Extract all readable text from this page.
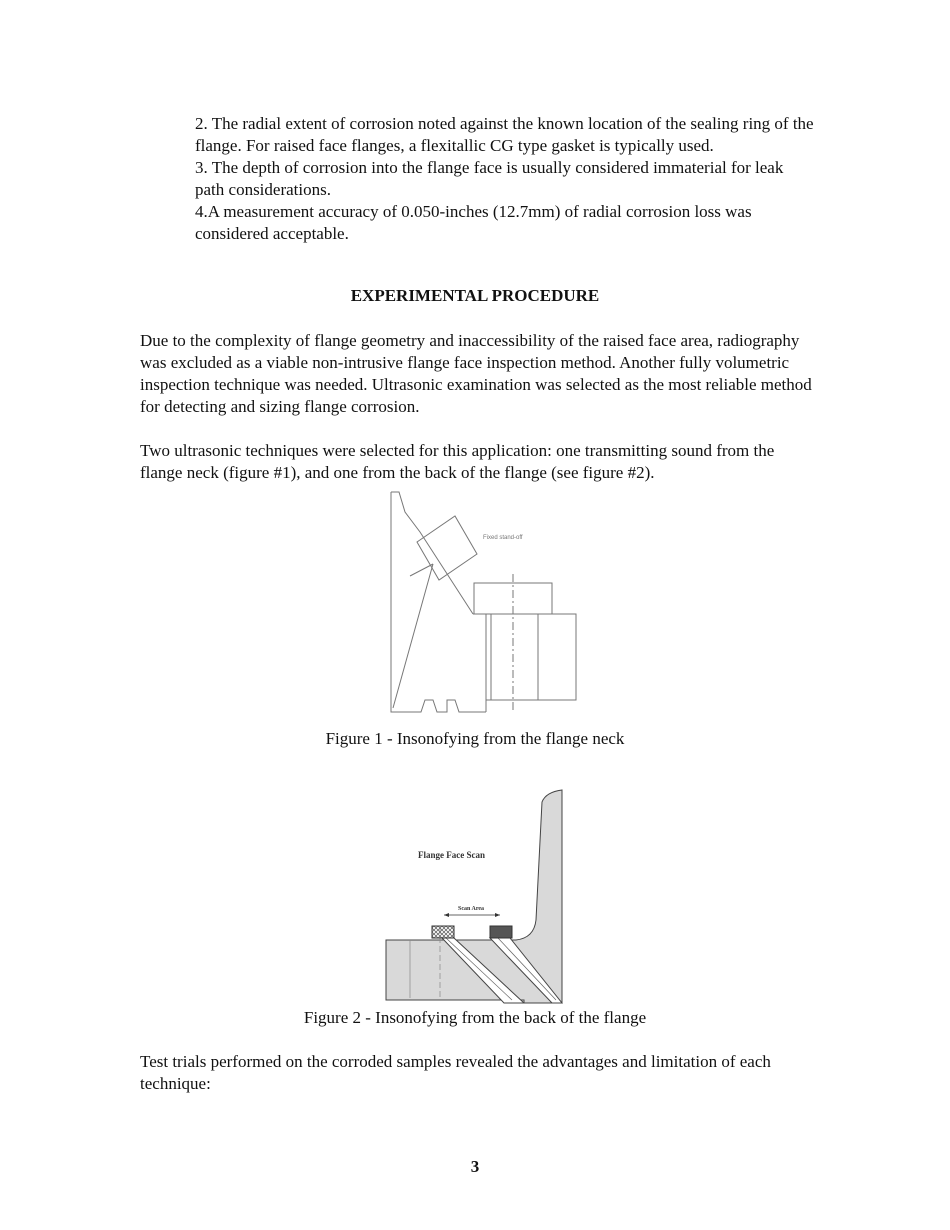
2. The radial extent of corrosion noted against the known location of the sealing ring of the flange. For raised face flanges, a flexitallic CG type gasket is typically used.

3. The depth of corrosion into the flange face is usually considered immaterial for leak path considerations.

4.A measurement accuracy of 0.050-inches (12.7mm) of radial corrosion loss was considered acceptable.

EXPERIMENTAL PROCEDURE

Due to the complexity of flange geometry and inaccessibility of the raised face area, radiography was excluded as a viable non-intrusive flange face inspection method. Another fully volumetric inspection technique was needed. Ultrasonic examination was selected as the most reliable method for detecting and sizing flange corrosion.

Two ultrasonic techniques were selected for this application: one transmitting sound from the flange neck (figure #1), and one from the back of the flange (see figure #2).

Fixed stand-off
Figure 1 - Insonofying from the flange neck
Scan Area
Flange Face Scan
Figure 2 - Insonofying from the back of the flange

Test trials performed on the corroded samples revealed the advantages and limitation of each technique:

3
